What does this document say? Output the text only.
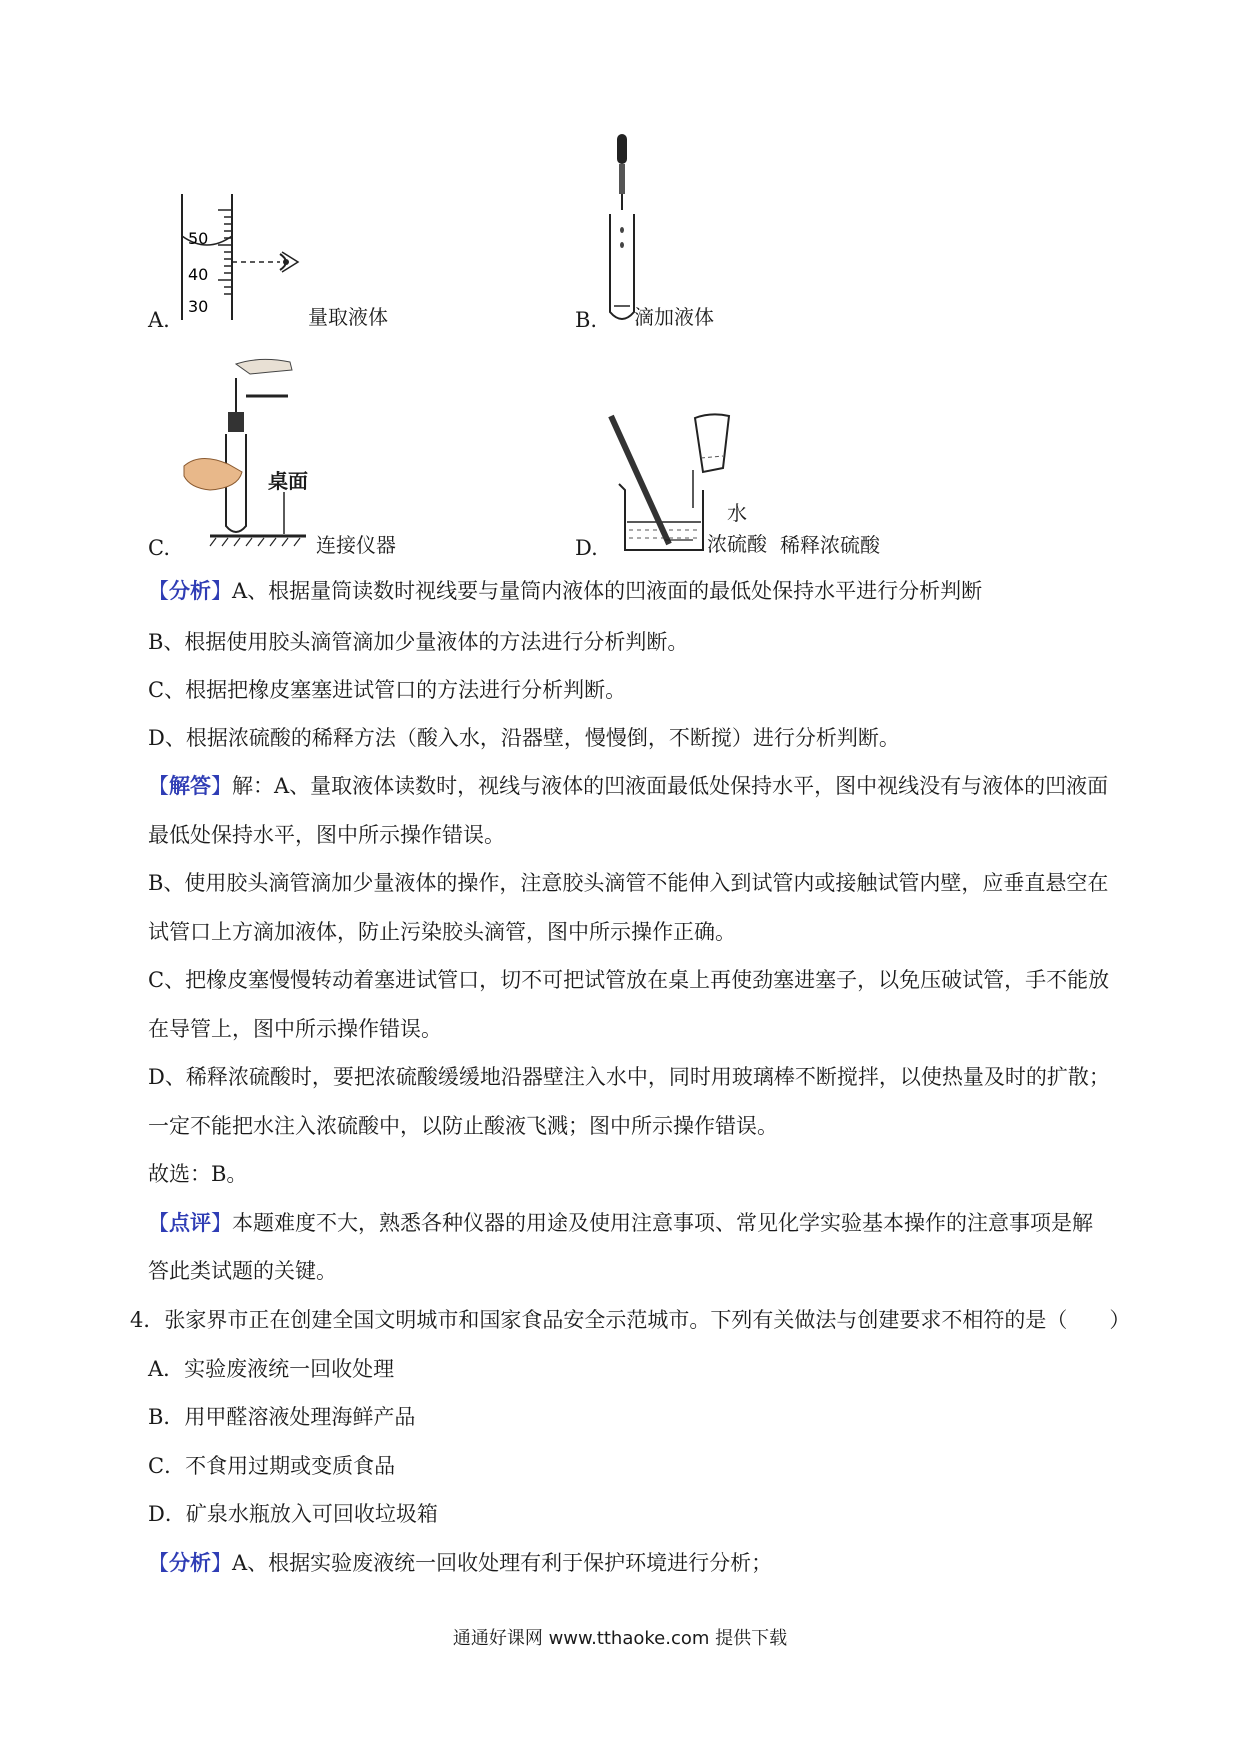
A.
50
40
30	量取液体	B. 滴加液体
C.
桌面
连接仪器	D.
水
浓硫酸 稀释浓硫酸
【分析】A、根据量筒读数时视线要与量筒内液体的凹液面的最低处保持水平进行分析判断
B、根据使用胶头滴管滴加少量液体的方法进行分析判断。
C、根据把橡皮塞塞进试管口的方法进行分析判断。
D、根据浓硫酸的稀释方法（酸入水，沿器壁，慢慢倒，不断搅）进行分析判断。
【解答】解：A、量取液体读数时，视线与液体的凹液面最低处保持水平，图中视线没有与液体的凹液面
最低处保持水平，图中所示操作错误。
B、使用胶头滴管滴加少量液体的操作，注意胶头滴管不能伸入到试管内或接触试管内壁，应垂直悬空在
试管口上方滴加液体，防止污染胶头滴管，图中所示操作正确。
C、把橡皮塞慢慢转动着塞进试管口，切不可把试管放在桌上再使劲塞进塞子，以免压破试管，手不能放
在导管上，图中所示操作错误。
D、稀释浓硫酸时，要把浓硫酸缓缓地沿器壁注入水中，同时用玻璃棒不断搅拌，以使热量及时的扩散；
一定不能把水注入浓硫酸中，以防止酸液飞溅；图中所示操作错误。
故选：B。
【点评】本题难度不大，熟悉各种仪器的用途及使用注意事项、常见化学实验基本操作的注意事项是解
答此类试题的关键。
4．张家界市正在创建全国文明城市和国家食品安全示范城市。下列有关做法与创建要求不相符的是（　　）
A．实验废液统一回收处理
B．用甲醛溶液处理海鲜产品
C．不食用过期或变质食品
D．矿泉水瓶放入可回收垃圾箱
【分析】A、根据实验废液统一回收处理有利于保护环境进行分析；
通通好课网 www.tthaoke.com 提供下载
